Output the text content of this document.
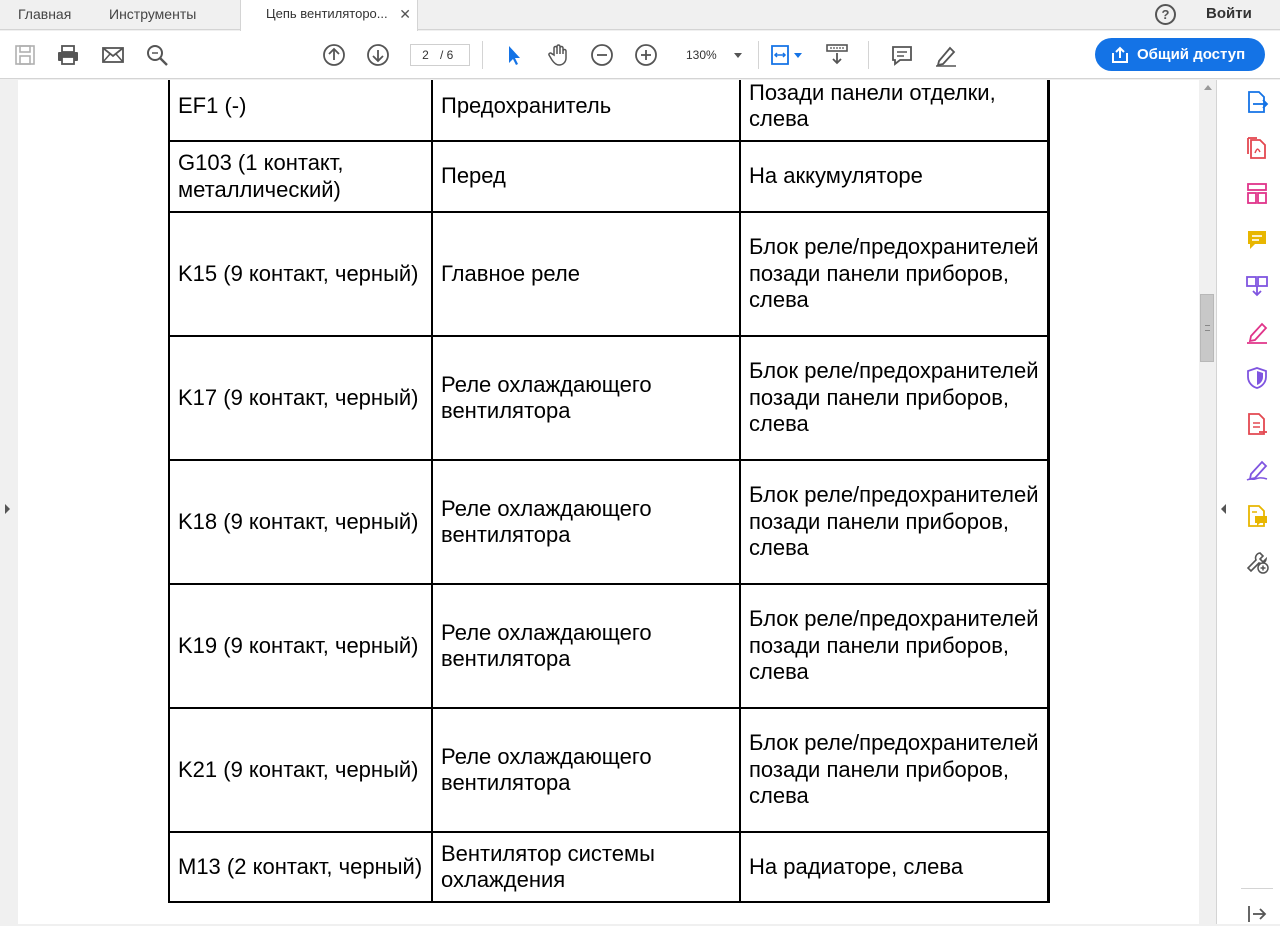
Главная	Инструменты	Цепь вентиляторо... ✕	?	Войти
2 / 6	130%	Общий доступ
EF1 (-)	Предохранитель	Позади панели отделки, слева
G103 (1 контакт, металлический)	Перед	На аккумуляторе
K15 (9 контакт, черный)	Главное реле	Блок реле/предохранителей позади панели приборов, слева
K17 (9 контакт, черный)	Реле охлаждающего вентилятора	Блок реле/предохранителей позади панели приборов, слева
K18 (9 контакт, черный)	Реле охлаждающего вентилятора	Блок реле/предохранителей позади панели приборов, слева
K19 (9 контакт, черный)	Реле охлаждающего вентилятора	Блок реле/предохранителей позади панели приборов, слева
K21 (9 контакт, черный)	Реле охлаждающего вентилятора	Блок реле/предохранителей позади панели приборов, слева
M13 (2 контакт, черный)	Вентилятор системы охлаждения	На радиаторе, слева
